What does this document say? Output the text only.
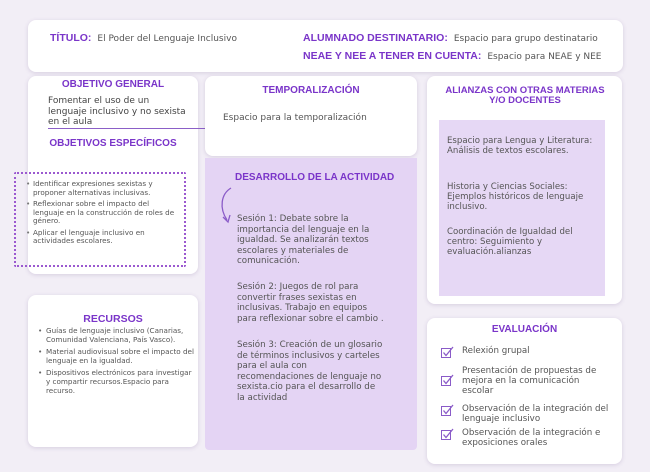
TÍTULO: El Poder del Lenguaje Inclusivo	ALUMNADO DESTINATARIO: Espacio para grupo destinatario
NEAE Y NEE A TENER EN CUENTA: Espacio para NEAE y NEE
OBJETIVO GENERAL
Fomentar el uso de un lenguaje inclusivo y no sexista en el aula
OBJETIVOS ESPECÍFICOS
• Identificar expresiones sexistas y proponer alternativas inclusivas.
• Reflexionar sobre el impacto del lenguaje en la construcción de roles de género.
• Aplicar el lenguaje inclusivo en actividades escolares.
RECURSOS
• Guías de lenguaje inclusivo (Canarias, Comunidad Valenciana, País Vasco).
• Material audiovisual sobre el impacto del lenguaje en la igualdad.
• Dispositivos electrónicos para investigar y compartir recursos.Espacio para recurso.
TEMPORALIZACIÓN
Espacio para la temporalización
DESARROLLO DE LA ACTIVIDAD
Sesión 1: Debate sobre la importancia del lenguaje en la igualdad. Se analizarán textos escolares y materiales de comunicación.
Sesión 2: Juegos de rol para convertir frases sexistas en inclusivas. Trabajo en equipos para reflexionar sobre el cambio .
Sesión 3: Creación de un glosario de términos inclusivos y carteles para el aula con recomendaciones de lenguaje no sexista.cio para el desarrollo de la actividad
ALIANZAS CON OTRAS MATERIAS Y/O DOCENTES

Espacio para Lengua y Literatura: Análisis de textos escolares.

Historia y Ciencias Sociales: Ejemplos históricos de lenguaje inclusivo.

Coordinación de Igualdad del centro: Seguimiento y evaluación.alianzas

EVALUACIÓN
Relexión grupal
Presentación de propuestas de mejora en la comunicación escolar
Observación de la integración del lenguaje inclusivo
Observación de la integración e exposiciones orales
